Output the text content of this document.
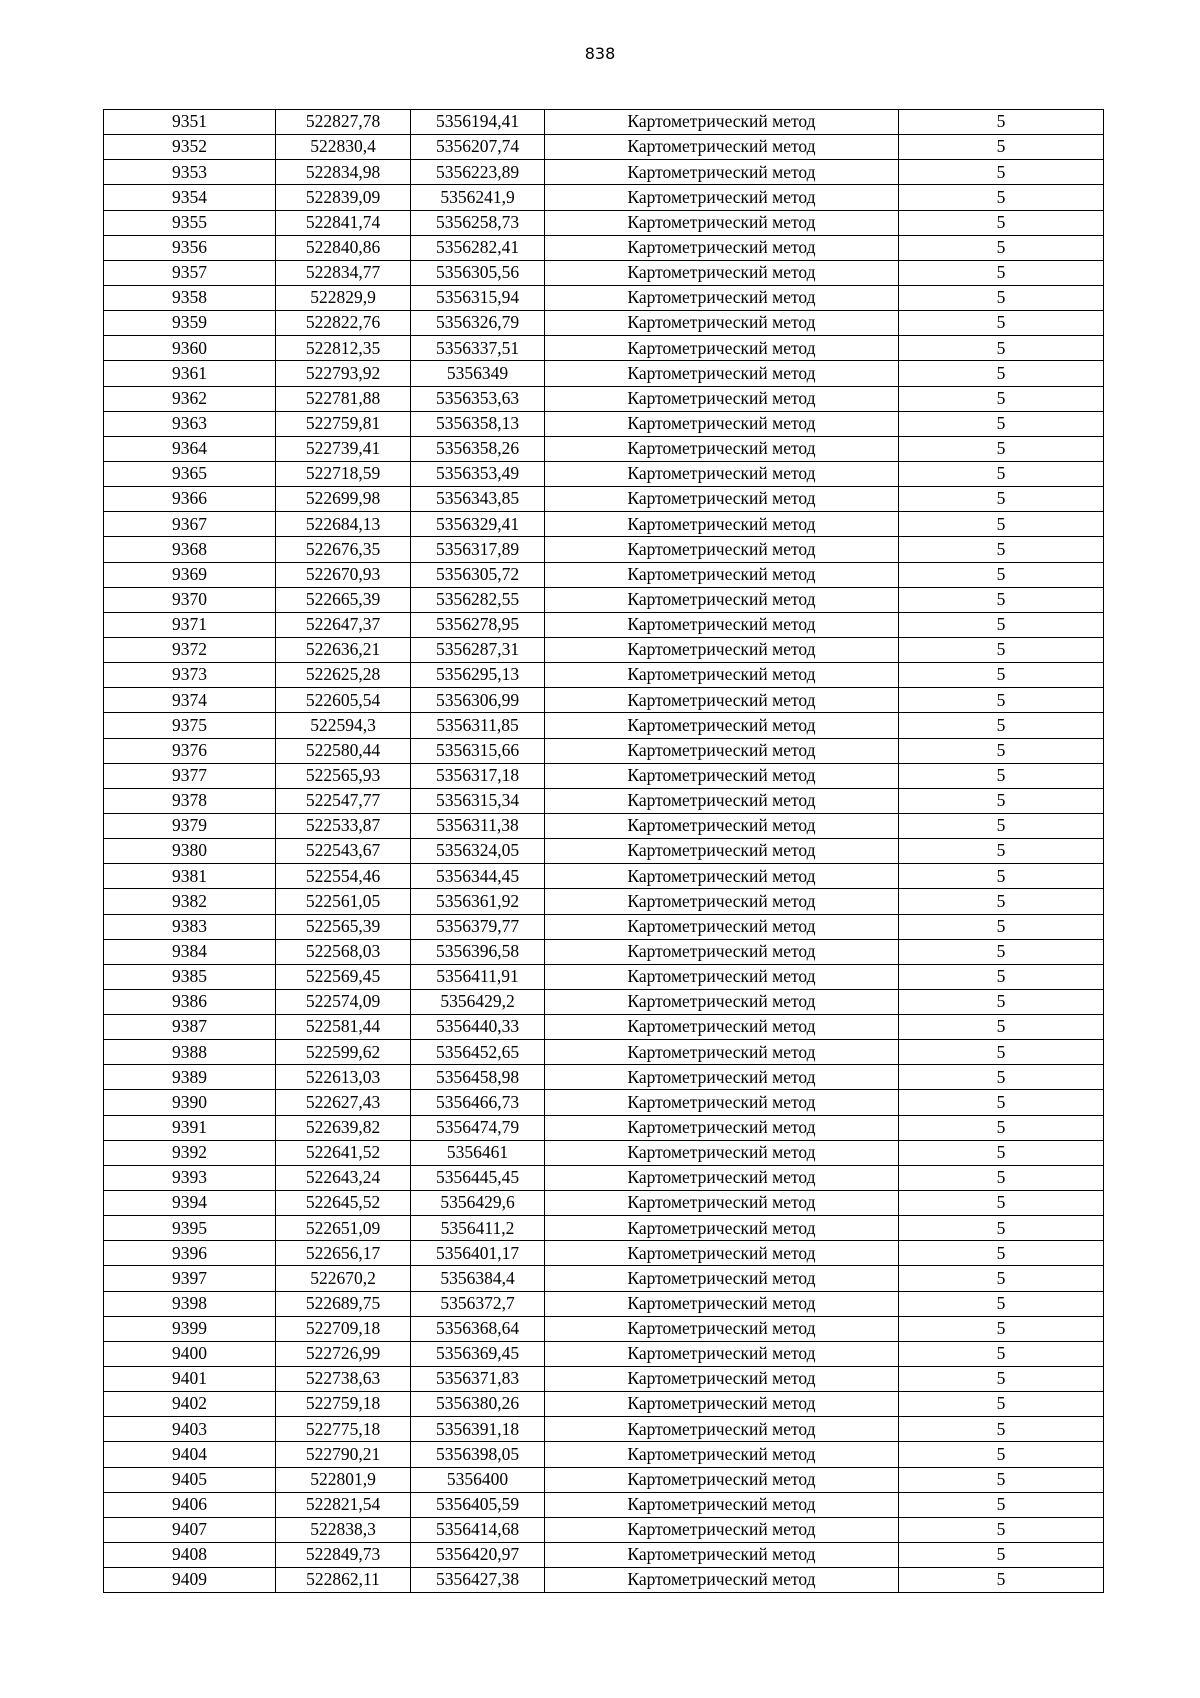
838
9351	522827,78	5356194,41	Картометрический метод	5
9352	522830,4	5356207,74	Картометрический метод	5
9353	522834,98	5356223,89	Картометрический метод	5
9354	522839,09	5356241,9	Картометрический метод	5
9355	522841,74	5356258,73	Картометрический метод	5
9356	522840,86	5356282,41	Картометрический метод	5
9357	522834,77	5356305,56	Картометрический метод	5
9358	522829,9	5356315,94	Картометрический метод	5
9359	522822,76	5356326,79	Картометрический метод	5
9360	522812,35	5356337,51	Картометрический метод	5
9361	522793,92	5356349	Картометрический метод	5
9362	522781,88	5356353,63	Картометрический метод	5
9363	522759,81	5356358,13	Картометрический метод	5
9364	522739,41	5356358,26	Картометрический метод	5
9365	522718,59	5356353,49	Картометрический метод	5
9366	522699,98	5356343,85	Картометрический метод	5
9367	522684,13	5356329,41	Картометрический метод	5
9368	522676,35	5356317,89	Картометрический метод	5
9369	522670,93	5356305,72	Картометрический метод	5
9370	522665,39	5356282,55	Картометрический метод	5
9371	522647,37	5356278,95	Картометрический метод	5
9372	522636,21	5356287,31	Картометрический метод	5
9373	522625,28	5356295,13	Картометрический метод	5
9374	522605,54	5356306,99	Картометрический метод	5
9375	522594,3	5356311,85	Картометрический метод	5
9376	522580,44	5356315,66	Картометрический метод	5
9377	522565,93	5356317,18	Картометрический метод	5
9378	522547,77	5356315,34	Картометрический метод	5
9379	522533,87	5356311,38	Картометрический метод	5
9380	522543,67	5356324,05	Картометрический метод	5
9381	522554,46	5356344,45	Картометрический метод	5
9382	522561,05	5356361,92	Картометрический метод	5
9383	522565,39	5356379,77	Картометрический метод	5
9384	522568,03	5356396,58	Картометрический метод	5
9385	522569,45	5356411,91	Картометрический метод	5
9386	522574,09	5356429,2	Картометрический метод	5
9387	522581,44	5356440,33	Картометрический метод	5
9388	522599,62	5356452,65	Картометрический метод	5
9389	522613,03	5356458,98	Картометрический метод	5
9390	522627,43	5356466,73	Картометрический метод	5
9391	522639,82	5356474,79	Картометрический метод	5
9392	522641,52	5356461	Картометрический метод	5
9393	522643,24	5356445,45	Картометрический метод	5
9394	522645,52	5356429,6	Картометрический метод	5
9395	522651,09	5356411,2	Картометрический метод	5
9396	522656,17	5356401,17	Картометрический метод	5
9397	522670,2	5356384,4	Картометрический метод	5
9398	522689,75	5356372,7	Картометрический метод	5
9399	522709,18	5356368,64	Картометрический метод	5
9400	522726,99	5356369,45	Картометрический метод	5
9401	522738,63	5356371,83	Картометрический метод	5
9402	522759,18	5356380,26	Картометрический метод	5
9403	522775,18	5356391,18	Картометрический метод	5
9404	522790,21	5356398,05	Картометрический метод	5
9405	522801,9	5356400	Картометрический метод	5
9406	522821,54	5356405,59	Картометрический метод	5
9407	522838,3	5356414,68	Картометрический метод	5
9408	522849,73	5356420,97	Картометрический метод	5
9409	522862,11	5356427,38	Картометрический метод	5
